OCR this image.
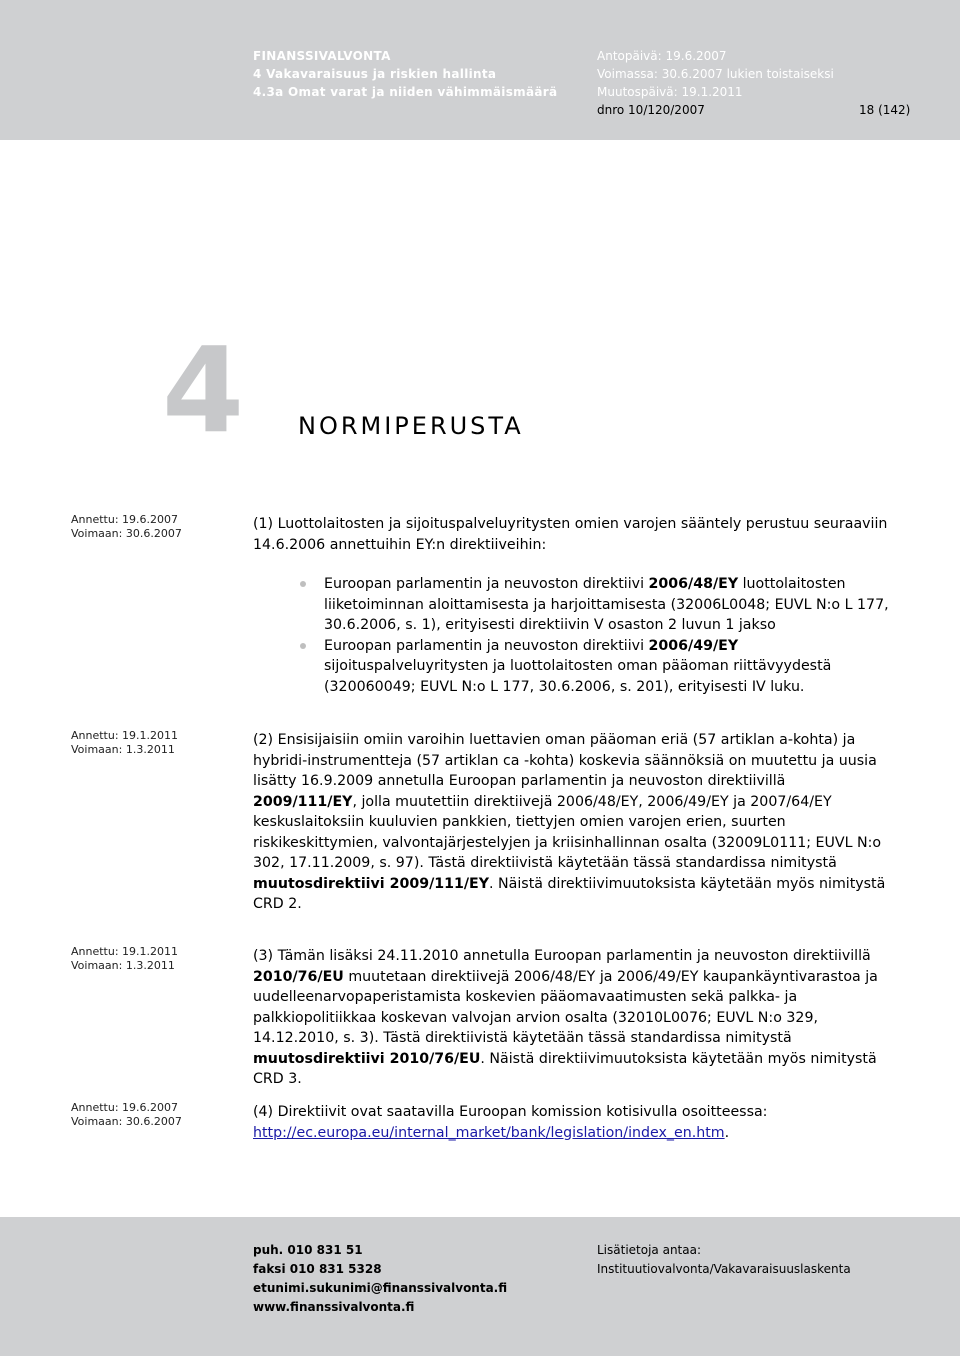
FINANSSIVALVONTA
4 Vakavaraisuus ja riskien hallinta
4.3a Omat varat ja niiden vähimmäismäärä
Antopäivä: 19.6.2007
Voimassa: 30.6.2007 lukien toistaiseksi
Muutospäivä: 19.1.2011
dnro 10/120/2007	18 (142)
4 NORMIPERUSTA
Annettu: 19.6.2007
Voimaan: 30.6.2007
Annettu: 19.1.2011
Voimaan: 1.3.2011
Annettu: 19.1.2011
Voimaan: 1.3.2011
Annettu: 19.6.2007
Voimaan: 30.6.2007

(1) Luottolaitosten ja sijoituspalveluyritysten omien varojen sääntely perustuu seuraaviin 14.6.2006 annettuihin EY:n direktiiveihin:

Euroopan parlamentin ja neuvoston direktiivi 2006/48/EY luottolaitosten liiketoiminnan aloittamisesta ja harjoittamisesta (32006L0048; EUVL N:o L 177, 30.6.2006, s. 1), erityisesti direktiivin V osaston 2 luvun 1 jakso

Euroopan parlamentin ja neuvoston direktiivi 2006/49/EY sijoituspalveluyritysten ja luottolaitosten oman pääoman riittävyydestä (320060049; EUVL N:o L 177, 30.6.2006, s. 201), erityisesti IV luku.

(2) Ensisijaisiin omiin varoihin luettavien oman pääoman eriä (57 artiklan a-kohta) ja hybridi-instrumentteja (57 artiklan ca -kohta) koskevia säännöksiä on muutettu ja uusia lisätty 16.9.2009 annetulla Euroopan parlamentin ja neuvoston direktiivillä 2009/111/EY, jolla muutettiin direktiivejä 2006/48/EY, 2006/49/EY ja 2007/64/EY keskuslaitoksiin kuuluvien pankkien, tiettyjen omien varojen erien, suurten riskikeskittymien, valvontajärjestelyjen ja kriisinhallinnan osalta (32009L0111; EUVL N:o 302, 17.11.2009, s. 97). Tästä direktiivistä käytetään tässä standardissa nimitystä muutosdirektiivi 2009/111/EY. Näistä direktiivimuutoksista käytetään myös nimitystä CRD 2.

(3) Tämän lisäksi 24.11.2010 annetulla Euroopan parlamentin ja neuvoston direktiivillä 2010/76/EU muutetaan direktiivejä 2006/48/EY ja 2006/49/EY kaupankäyntivarastoa ja uudelleenarvopaperistamista koskevien pääomavaatimusten sekä palkka- ja palkkiopolitiikkaa koskevan valvojan arvion osalta (32010L0076; EUVL N:o 329, 14.12.2010, s. 3). Tästä direktiivistä käytetään tässä standardissa nimitystä muutosdirektiivi 2010/76/EU. Näistä direktiivimuutoksista käytetään myös nimitystä CRD 3.

(4) Direktiivit ovat saatavilla Euroopan komission kotisivulla osoitteessa:
http://ec.europa.eu/internal_market/bank/legislation/index_en.htm.

puh. 010 831 51
faksi 010 831 5328
etunimi.sukunimi@finanssivalvonta.fi
www.finanssivalvonta.fi
Lisätietoja antaa:
Instituutiovalvonta/Vakavaraisuuslaskenta
